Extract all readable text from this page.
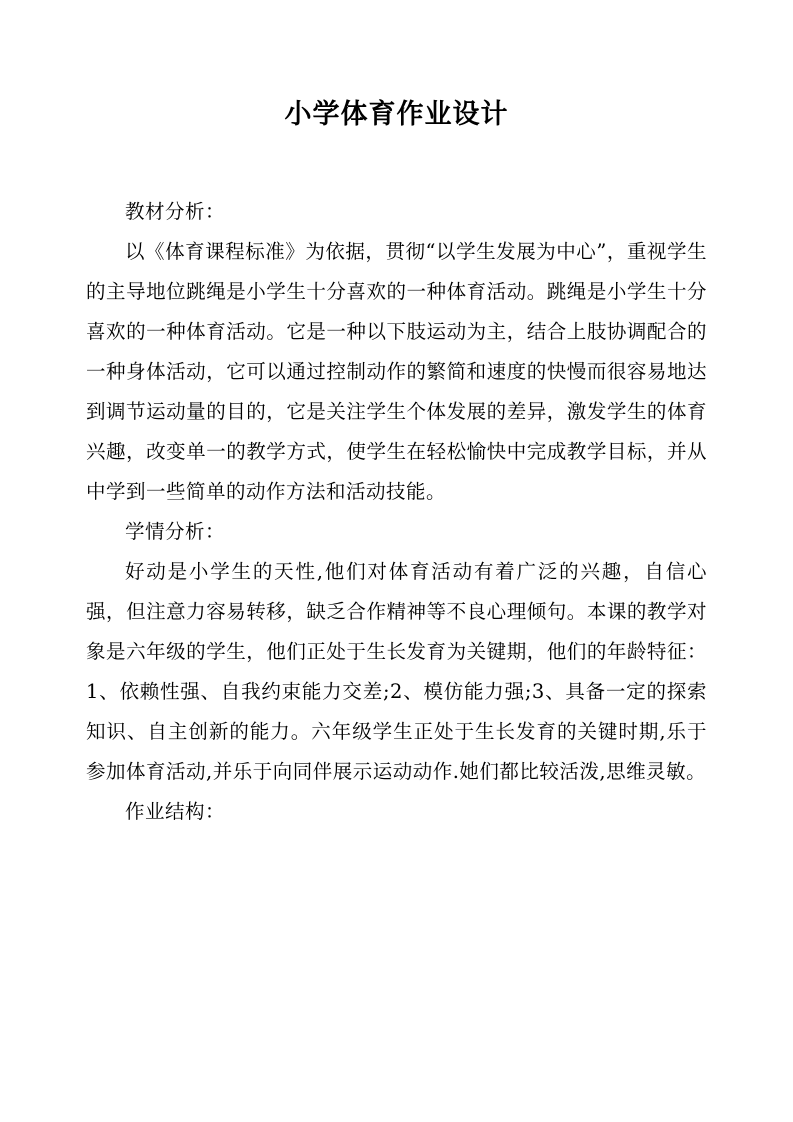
小学体育作业设计

教材分析：

以《体育课程标准》为依据，贯彻“以学生发展为中心”，重视学生的主导地位跳绳是小学生十分喜欢的一种体育活动。跳绳是小学生十分喜欢的一种体育活动。它是一种以下肢运动为主，结合上肢协调配合的一种身体活动，它可以通过控制动作的繁简和速度的快慢而很容易地达到调节运动量的目的，它是关注学生个体发展的差异，激发学生的体育兴趣，改变单一的教学方式，使学生在轻松愉快中完成教学目标，并从中学到一些简单的动作方法和活动技能。

学情分析：

好动是小学生的天性,他们对体育活动有着广泛的兴趣，自信心强，但注意力容易转移，缺乏合作精神等不良心理倾句。本课的教学对象是六年级的学生，他们正处于生长发育为关键期，他们的年龄特征：1、依赖性强、自我约束能力交差;2、模仿能力强;3、具备一定的探索知识、自主创新的能力。六年级学生正处于生长发育的关键时期,乐于参加体育活动,并乐于向同伴展示运动动作.她们都比较活泼,思维灵敏。

作业结构：
